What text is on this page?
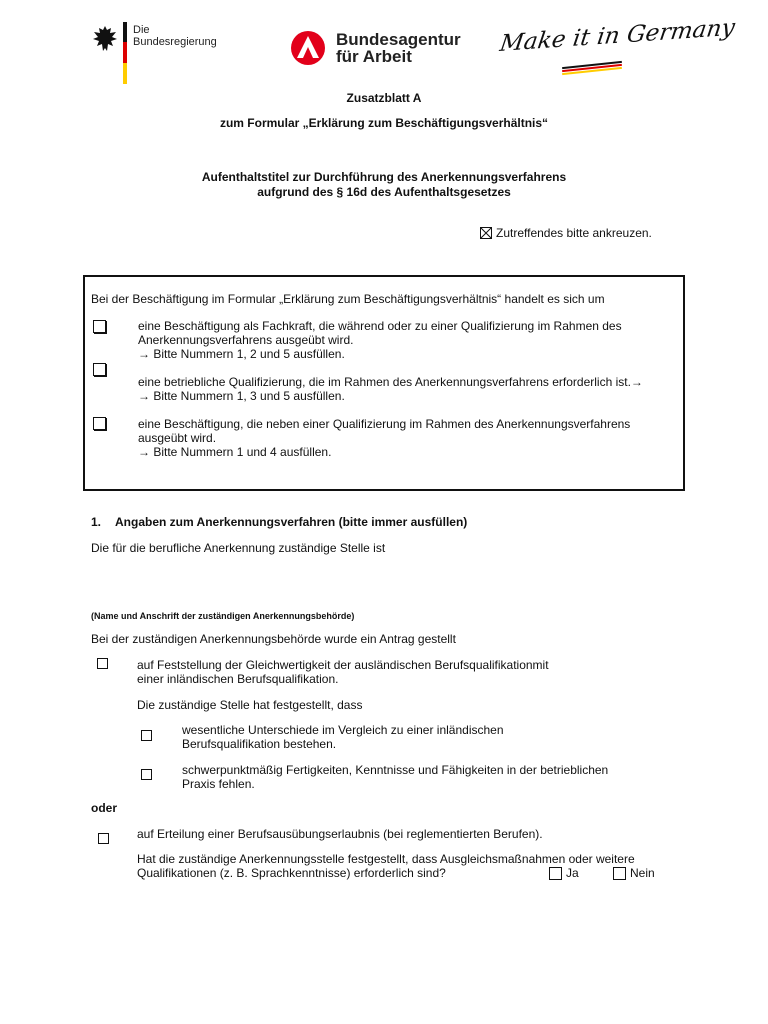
Die
Bundesregierung	Bundesagentur
für Arbeit	Make it in Germany
Zusatzblatt A
zum Formular „Erklärung zum Beschäftigungsverhältnis“
Aufenthaltstitel zur Durchführung des Anerkennungsverfahrens
aufgrund des § 16d des Aufenthaltsgesetzes
Zutreffendes bitte ankreuzen.
Bei der Beschäftigung im Formular „Erklärung zum Beschäftigungsverhältnis“ handelt es sich um
eine Beschäftigung als Fachkraft, die während oder zu einer Qualifizierung im Rahmen des
Anerkennungsverfahrens ausgeübt wird.
→ Bitte Nummern 1, 2 und 5 ausfüllen.
eine betriebliche Qualifizierung, die im Rahmen des Anerkennungsverfahrens erforderlich ist.→
→ Bitte Nummern 1, 3 und 5 ausfüllen.
eine Beschäftigung, die neben einer Qualifizierung im Rahmen des Anerkennungsverfahrens
ausgeübt wird.
→ Bitte Nummern 1 und 4 ausfüllen.
1. Angaben zum Anerkennungsverfahren (bitte immer ausfüllen)
Die für die berufliche Anerkennung zuständige Stelle ist
(Name und Anschrift der zuständigen Anerkennungsbehörde)
Bei der zuständigen Anerkennungsbehörde wurde ein Antrag gestellt
auf Feststellung der Gleichwertigkeit der ausländischen Berufsqualifikationmit
einer inländischen Berufsqualifikation.
Die zuständige Stelle hat festgestellt, dass
wesentliche Unterschiede im Vergleich zu einer inländischen
Berufsqualifikation bestehen.
schwerpunktmäßig Fertigkeiten, Kenntnisse und Fähigkeiten in der betrieblichen
Praxis fehlen.
oder
auf Erteilung einer Berufsausübungserlaubnis (bei reglementierten Berufen).
Hat die zuständige Anerkennungsstelle festgestellt, dass Ausgleichsmaßnahmen oder weitere
Qualifikationen (z. B. Sprachkenntnisse) erforderlich sind?	Ja	Nein
